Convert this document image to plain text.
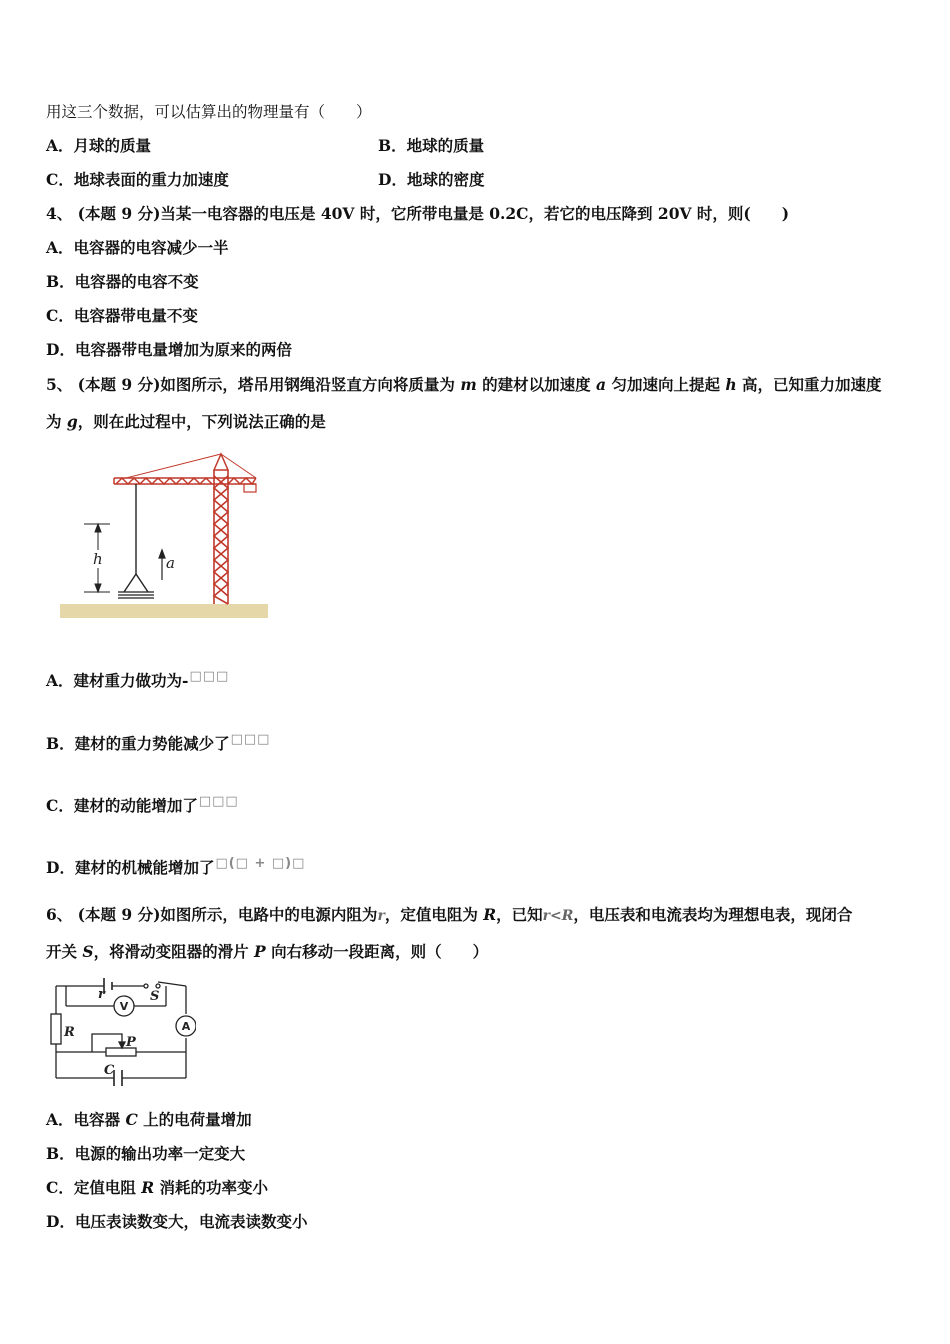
用这三个数据，可以估算出的物理量有（　　）
A．月球的质量	B．地球的质量
C．地球表面的重力加速度	D．地球的密度
4、 (本题 9 分)当某一电容器的电压是 40V 时，它所带电量是 0.2C，若它的电压降到 20V 时，则(　　)
A．电容器的电容减少一半
B．电容器的电容不变
C．电容器带电量不变
D．电容器带电量增加为原来的两倍
5、 (本题 9 分)如图所示，塔吊用钢绳沿竖直方向将质量为 m 的建材以加速度 a 匀加速向上提起 h 高，已知重力加速度
为 g，则在此过程中，下列说法正确的是
h	a
A．建材重力做功为-□□□
B．建材的重力势能减少了□□□
C．建材的动能增加了□□□
D．建材的机械能增加了□(□ + □)□
6、 (本题 9 分)如图所示，电路中的电源内阻为r，定值电阻为 R，已知r<R，电压表和电流表均为理想电表，现闭合
开关 S，将滑动变阻器的滑片 P 向右移动一段距离，则（　　）
r	S
R
P
C
V
A
A．电容器 C 上的电荷量增加
B．电源的输出功率一定变大
C．定值电阻 R 消耗的功率变小
D．电压表读数变大，电流表读数变小
